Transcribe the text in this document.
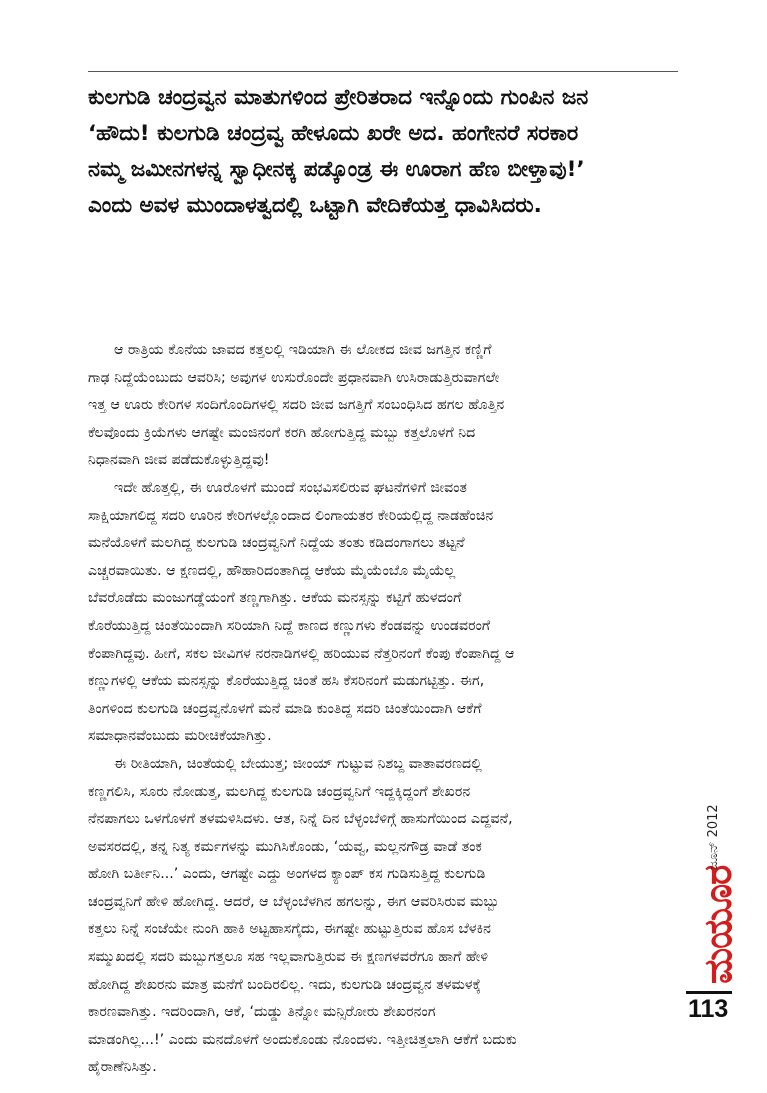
ಕುಲಗುಡಿ ಚಂದ್ರವ್ವನ ಮಾತುಗಳಿಂದ ಪ್ರೇರಿತರಾದ ಇನ್ನೊಂದು ಗುಂಪಿನ ಜನ
‘ಹೌದು! ಕುಲಗುಡಿ ಚಂದ್ರವ್ವ ಹೇಳೂದು ಖರೇ ಅದ. ಹಂಗೇನರೆ ಸರಕಾರ
ನಮ್ಮ ಜಮೀನಗಳನ್ನ ಸ್ವಾಧೀನಕ್ಕ ಪಡ್ಕೊಂಡ್ರ ಈ ಊರಾಗ ಹೆಣ ಬೀಳ್ತಾವು!’
ಎಂದು ಅವಳ ಮುಂದಾಳತ್ವದಲ್ಲಿ ಒಟ್ಟಾಗಿ ವೇದಿಕೆಯತ್ತ ಧಾವಿಸಿದರು.
ಆ ರಾತ್ರಿಯ ಕೊನೆಯ ಜಾವದ ಕತ್ತಲಲ್ಲಿ ಇಡಿಯಾಗಿ ಈ ಲೋಕದ ಜೀವ ಜಗತ್ತಿನ ಕಣ್ಣಿಗೆ
ಗಾಢ ನಿದ್ದೆಯೆಂಬುದು ಆವರಿಸಿ; ಅವುಗಳ ಉಸುರೊಂದೇ ಪ್ರಧಾನವಾಗಿ ಉಸಿರಾಡುತ್ತಿರುವಾಗಲೇ
ಇತ್ತ ಆ ಊರು ಕೇರಿಗಳ ಸಂದಿಗೊಂದಿಗಳಲ್ಲಿ ಸದರಿ ಜೀವ ಜಗತ್ತಿಗೆ ಸಂಬಂಧಿಸಿದ ಹಗಲ ಹೊತ್ತಿನ
ಕೆಲವೊಂದು ಕ್ರಿಯೆಗಳು ಆಗಷ್ಟೇ ಮಂಜಿನಂಗೆ ಕರಗಿ ಹೋಗುತ್ತಿದ್ದ ಮಬ್ಬು ಕತ್ತಲೊಳಗೆ ನಿದ
ನಿಧಾನವಾಗಿ ಜೀವ ಪಡೆದುಕೊಳ್ಳುತ್ತಿದ್ದವು!
ಇದೇ ಹೊತ್ತಲ್ಲಿ, ಈ ಊರೊಳಗೆ ಮುಂದೆ ಸಂಭವಿಸಲಿರುವ ಘಟನೆಗಳಿಗೆ ಜೀವಂತ
ಸಾಕ್ಷಿಯಾಗಲಿದ್ದ ಸದರಿ ಊರಿನ ಕೇರಿಗಳಲ್ಲೊಂದಾದ ಲಿಂಗಾಯತರ ಕೇರಿಯಲ್ಲಿದ್ದ ನಾಡಹೆಂಚಿನ
ಮನೆಯೊಳಗೆ ಮಲಗಿದ್ದ ಕುಲಗುಡಿ ಚಂದ್ರವ್ವನಿಗೆ ನಿದ್ದೆಯ ತಂತು ಕಡಿದಂಗಾಗಲು ತಟ್ಟನೆ
ಎಚ್ಚರವಾಯಿತು. ಆ ಕ್ಷಣದಲ್ಲಿ, ಹೌಹಾರಿದಂತಾಗಿದ್ದ ಆಕೆಯ ಮೈಯೆಂಬೊ ಮೈಯೆಲ್ಲ
ಬೆವರೊಡೆದು ಮಂಜುಗಡ್ಡೆಯಂಗೆ ತಣ್ಣಗಾಗಿತ್ತು. ಆಕೆಯ ಮನಸ್ಸನ್ನು ಕಟ್ಟಿಗೆ ಹುಳದಂಗೆ
ಕೊರೆಯುತ್ತಿದ್ದ ಚಿಂತೆಯಿಂದಾಗಿ ಸರಿಯಾಗಿ ನಿದ್ದೆ ಕಾಣದ ಕಣ್ಣುಗಳು ಕೆಂಡವನ್ನು ಉಂಡವರಂಗೆ
ಕೆಂಪಾಗಿದ್ದವು. ಹೀಗೆ, ಸಕಲ ಜೀವಿಗಳ ನರನಾಡಿಗಳಲ್ಲಿ ಹರಿಯುವ ನೆತ್ತರಿನಂಗೆ ಕೆಂಪು ಕೆಂಪಾಗಿದ್ದ ಆ
ಕಣ್ಣುಗಳಲ್ಲಿ ಆಕೆಯ ಮನಸ್ಸನ್ನು ಕೊರೆಯುತ್ತಿದ್ದ ಚಿಂತೆ ಹಸಿ ಕೆಸರಿನಂಗೆ ಮಡುಗಟ್ಟಿತ್ತು. ಈಗ,
ತಿಂಗಳಿಂದ ಕುಲಗುಡಿ ಚಂದ್ರವ್ವನೊಳಗೆ ಮನೆ ಮಾಡಿ ಕುಂತಿದ್ದ ಸದರಿ ಚಿಂತೆಯಿಂದಾಗಿ ಆಕೆಗೆ
ಸಮಾಧಾನವೆಂಬುದು ಮರೀಚಿಕೆಯಾಗಿತ್ತು.
ಈ ರೀತಿಯಾಗಿ, ಚಿಂತೆಯಲ್ಲಿ ಬೇಯುತ್ತ; ಜೀಂಯ್ ಗುಟ್ಟುವ ನಿಶಬ್ದ ವಾತಾವರಣದಲ್ಲಿ
ಕಣ್ಣಗಲಿಸಿ, ಸೂರು ನೋಡುತ್ತ, ಮಲಗಿದ್ದ ಕುಲಗುಡಿ ಚಂದ್ರವ್ವನಿಗೆ ಇದ್ದಕ್ಕಿದ್ದಂಗೆ ಶೇಖರನ
ನೆನಪಾಗಲು ಒಳಗೊಳಗೆ ತಳಮಳಿಸಿದಳು. ಆತ, ನಿನ್ನೆ ದಿನ ಬೆಳ್ಳಂಬೆಳಿಗ್ಗೆ ಹಾಸುಗೆಯಿಂದ ಎದ್ದವನೆ,
ಅವಸರದಲ್ಲಿ, ತನ್ನ ನಿತ್ಯ ಕರ್ಮಗಳನ್ನು ಮುಗಿಸಿಕೊಂಡು, ‘ಯವ್ವ, ಮಲ್ಲನಗೌಡ್ರ ವಾಡೆ ತಂಕ
ಹೋಗಿ ಬರ್ತೀನಿ...’ ಎಂದು, ಆಗಷ್ಟೇ ಎದ್ದು ಅಂಗಳದ ಕ್ಯಾಂಪ್ ಕಸ ಗುಡಿಸುತ್ತಿದ್ದ ಕುಲಗುಡಿ
ಚಂದ್ರವ್ವನಿಗೆ ಹೇಳಿ ಹೋಗಿದ್ದ. ಆದರೆ, ಆ ಬೆಳ್ಳಂಬೆಳಗಿನ ಹಗಲನ್ನು, ಈಗ ಆವರಿಸಿರುವ ಮಬ್ಬು
ಕತ್ತಲು ನಿನ್ನೆ ಸಂಜೆಯೇ ನುಂಗಿ ಹಾಕಿ ಅಟ್ಟಹಾಸಗೈದು, ಈಗಷ್ಟೇ ಹುಟ್ಟುತ್ತಿರುವ ಹೊಸ ಬೆಳಕಿನ
ಸಮ್ಮುಖದಲ್ಲಿ ಸದರಿ ಮಬ್ಬುಗತ್ತಲೂ ಸಹ ಇಲ್ಲವಾಗುತ್ತಿರುವ ಈ ಕ್ಷಣಗಳವರೆಗೂ ಹಾಗೆ ಹೇಳಿ
ಹೋಗಿದ್ದ ಶೇಖರನು ಮಾತ್ರ ಮನೆಗೆ ಬಂದಿರಲಿಲ್ಲ. ಇದು, ಕುಲಗುಡಿ ಚಂದ್ರವ್ವನ ತಳಮಳಕ್ಕೆ
ಕಾರಣವಾಗಿತ್ತು. ಇದರಿಂದಾಗಿ, ಆಕೆ, ‘ದುಡ್ಡು ತಿನ್ನೋ ಮನ್ಸಿರೋರು ಶೇಖರನಂಗ
ಮಾಡಂಗಿಲ್ಲ...!’ ಎಂದು ಮನದೊಳಗೆ ಅಂದುಕೊಂಡು ನೊಂದಳು. ಇತ್ತೀಚಿತ್ತಲಾಗಿ ಆಕೆಗೆ ಬದುಕು
ಹೈರಾಣೆನಿಸಿತ್ತು.
ಮಯೂರ
ಜೂನ್ 2012
113
